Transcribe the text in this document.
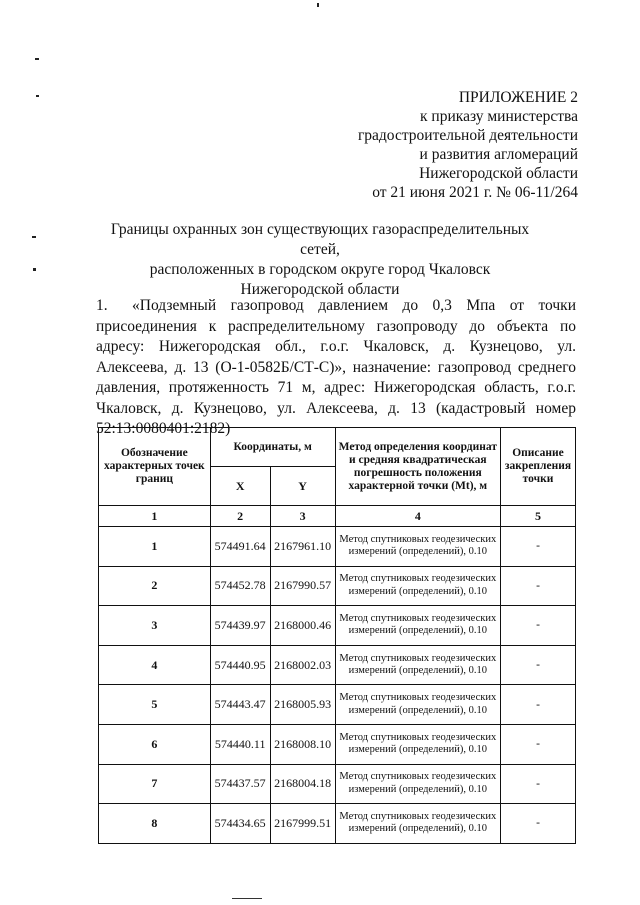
ПРИЛОЖЕНИЕ 2
к приказу министерства
градостроительной деятельности
и развития агломераций
Нижегородской области
от 21 июня 2021 г. № 06-11/264
Границы охранных зон существующих газораспределительных сетей,
расположенных в городском округе город Чкаловск
Нижегородской области
1. «Подземный газопровод давлением до 0,3 Мпа от точки присоединения к распределительному газопроводу до объекта по адресу: Нижегородская обл., г.о.г. Чкаловск, д. Кузнецово, ул. Алексеева, д. 13 (О-1-0582Б/СТ-С)», назначение: газопровод среднего давления, протяженность 71 м, адрес: Нижегородская область, г.о.г. Чкаловск, д. Кузнецово, ул. Алексеева, д. 13 (кадастровый номер 52:13:0080401:2182)
Обозначение характерных точек границ	Координаты, м		Метод определения координат и средняя квадратическая погрешность положения характерной точки (Mt), м	Описание закрепления точки
	X	Y		
1	2	3	4	5
1	574491.64	2167961.10	Метод спутниковых геодезических измерений (определений), 0.10	-
2	574452.78	2167990.57	Метод спутниковых геодезических измерений (определений), 0.10	-
3	574439.97	2168000.46	Метод спутниковых геодезических измерений (определений), 0.10	-
4	574440.95	2168002.03	Метод спутниковых геодезических измерений (определений), 0.10	-
5	574443.47	2168005.93	Метод спутниковых геодезических измерений (определений), 0.10	-
6	574440.11	2168008.10	Метод спутниковых геодезических измерений (определений), 0.10	-
7	574437.57	2168004.18	Метод спутниковых геодезических измерений (определений), 0.10	-
8	574434.65	2167999.51	Метод спутниковых геодезических измерений (определений), 0.10	-
